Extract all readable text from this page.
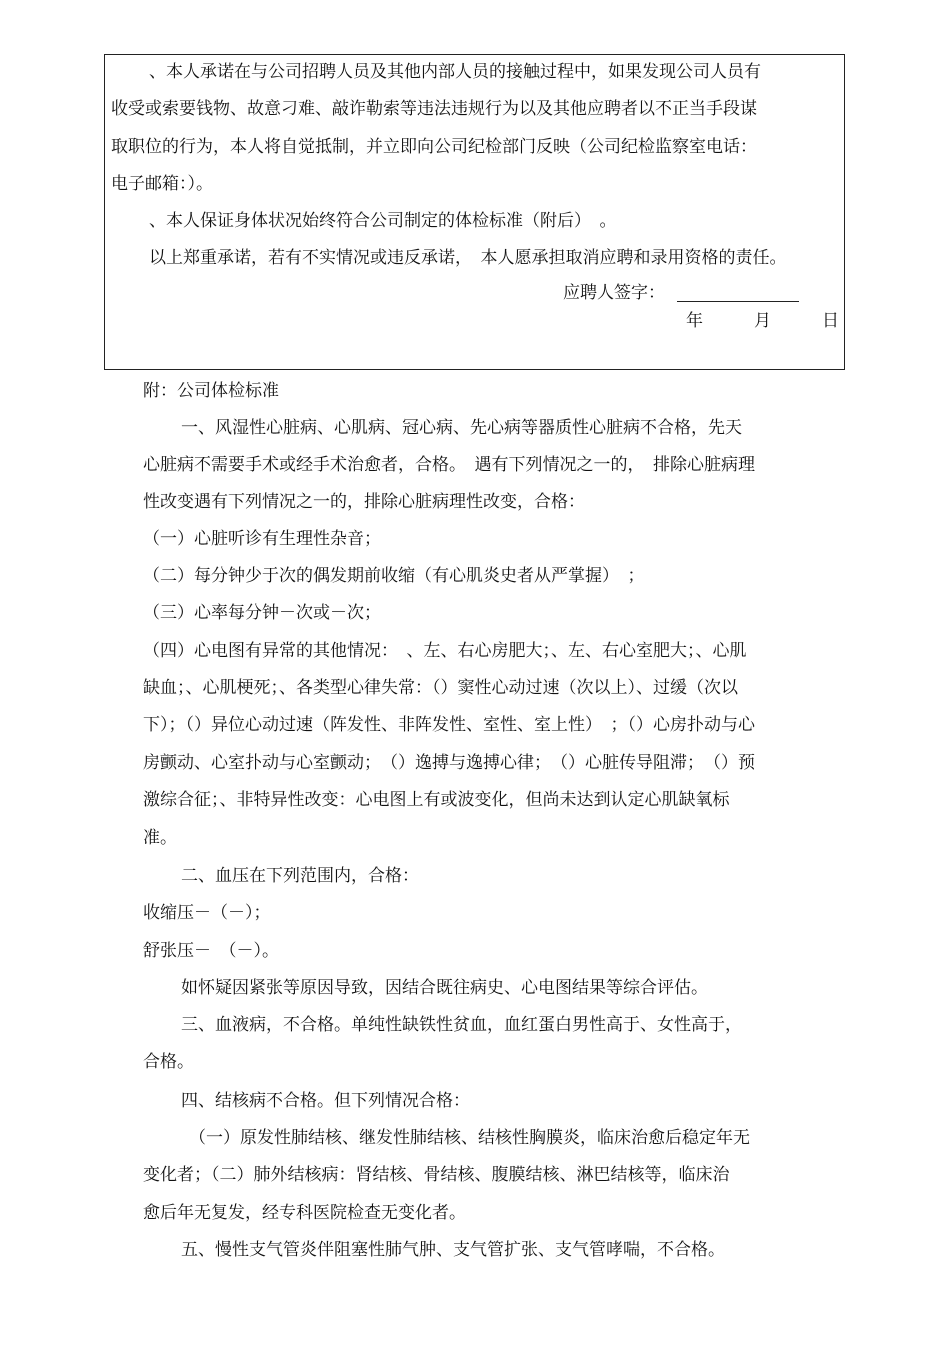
、本人承诺在与公司招聘人员及其他内部人员的接触过程中，如果发现公司人员有
收受或索要钱物、故意刁难、敲诈勒索等违法违规行为以及其他应聘者以不正当手段谋
取职位的行为，本人将自觉抵制，并立即向公司纪检部门反映（公司纪检监察室电话：
电子邮箱：）。
、本人保证身体状况始终符合公司制定的体检标准（附后）　。
以上郑重承诺，若有不实情况或违反承诺，　本人愿承担取消应聘和录用资格的责任。
应聘人签字：
年	月	日
附：公司体检标准
一、风湿性心脏病、心肌病、冠心病、先心病等器质性心脏病不合格，先天
心脏病不需要手术或经手术治愈者，合格。　遇有下列情况之一的，　排除心脏病理
性改变遇有下列情况之一的，排除心脏病理性改变，合格：
（一）心脏听诊有生理性杂音；
（二）每分钟少于次的偶发期前收缩（有心肌炎史者从严掌握）　；
（三）心率每分钟－次或－次；
（四）心电图有异常的其他情况：　、左、右心房肥大；、左、右心室肥大；、心肌
缺血；、心肌梗死；、各类型心律失常：（）窦性心动过速（次以上）、过缓（次以
下）；（）异位心动过速（阵发性、非阵发性、室性、室上性）　；（）心房扑动与心
房颤动、心室扑动与心室颤动；　（）逸搏与逸搏心律；　（）心脏传导阻滞；　（）预
激综合征；、非特异性改变：心电图上有或波变化，但尚未达到认定心肌缺氧标
准。
二、血压在下列范围内，合格：
收缩压－（－）；
舒张压－　（－）。
如怀疑因紧张等原因导致，因结合既往病史、心电图结果等综合评估。
三、血液病，不合格。单纯性缺铁性贫血，血红蛋白男性高于、女性高于，
合格。
四、结核病不合格。但下列情况合格：
（一）原发性肺结核、继发性肺结核、结核性胸膜炎，临床治愈后稳定年无
变化者；（二）肺外结核病：肾结核、骨结核、腹膜结核、淋巴结核等，临床治
愈后年无复发，经专科医院检查无变化者。
五、慢性支气管炎伴阻塞性肺气肿、支气管扩张、支气管哮喘，不合格。
